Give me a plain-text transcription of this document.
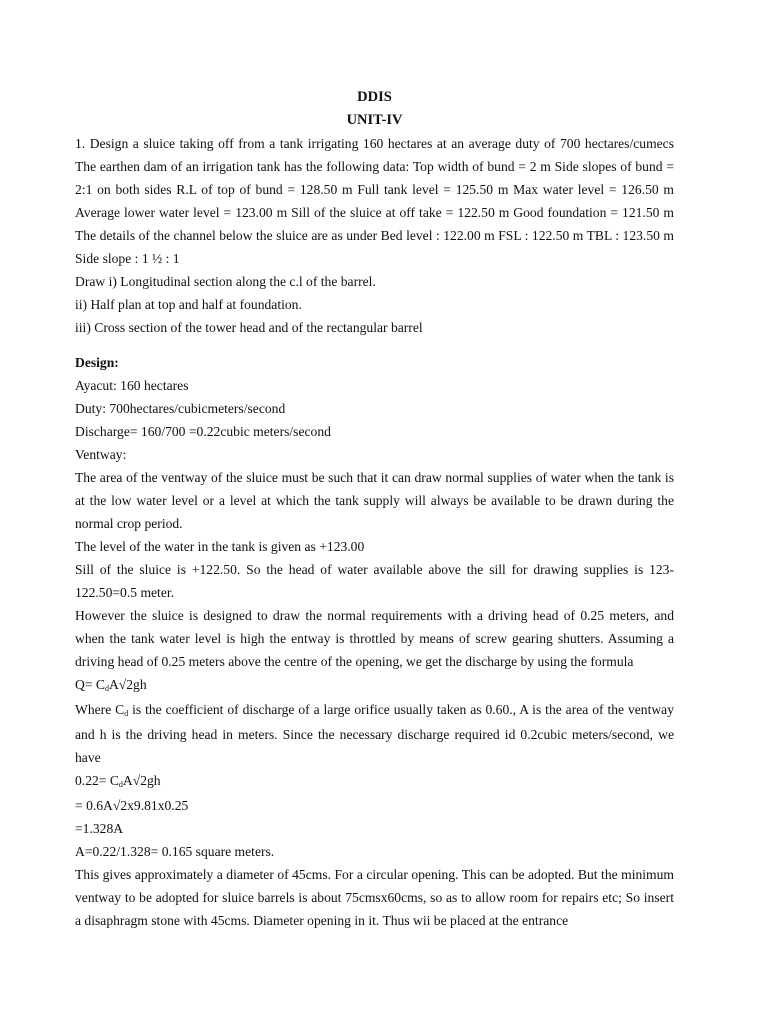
DDIS
UNIT-IV

1. Design a sluice taking off from a tank irrigating 160 hectares at an average duty of 700 hectares/cumecs The earthen dam of an irrigation tank has the following data: Top width of bund = 2 m Side slopes of bund = 2:1 on both sides R.L of top of bund = 128.50 m Full tank level = 125.50 m Max water level = 126.50 m Average lower water level = 123.00 m Sill of the sluice at off take = 122.50 m Good foundation = 121.50 m The details of the channel below the sluice are as under Bed level : 122.00 m FSL : 122.50 m TBL : 123.50 m Side slope : 1 ½ : 1

Draw i) Longitudinal section along the c.l of the barrel.

ii) Half plan at top and half at foundation.

iii) Cross section of the tower head and of the rectangular barrel

Design:

Ayacut: 160 hectares

Duty: 700hectares/cubicmeters/second

Discharge= 160/700 =0.22cubic meters/second

Ventway:

The area of the ventway of the sluice must be such that it can draw normal supplies of water when the tank is at the low water level or a level at which the tank supply will always be available to be drawn during the normal crop period.

The level of the water in the tank is given as +123.00

Sill of the sluice is +122.50. So the head of water available above the sill for drawing supplies is 123-122.50=0.5 meter.

However the sluice is designed to draw the normal requirements with a driving head of 0.25 meters, and when the tank water level is high the entway is throttled by means of screw gearing shutters. Assuming a driving head of 0.25 meters above the centre of the opening, we get the discharge by using the formula

$Q= C_dA√2gh$

Where $C_d$ is the coefficient of discharge of a large orifice usually taken as 0.60., A is the area of the ventway and h is the driving head in meters. Since the necessary discharge required id 0.2cubic meters/second, we have

$0.22= C_dA√2gh$

= 0.6A√2x9.81x0.25

=1.328A

A=0.22/1.328= 0.165 square meters.

This gives approximately a diameter of 45cms. For a circular opening. This can be adopted. But the minimum ventway to be adopted for sluice barrels is about 75cmsx60cms, so as to allow room for repairs etc; So insert a disaphragm stone with 45cms. Diameter opening in it. Thus wii be placed at the entrance
